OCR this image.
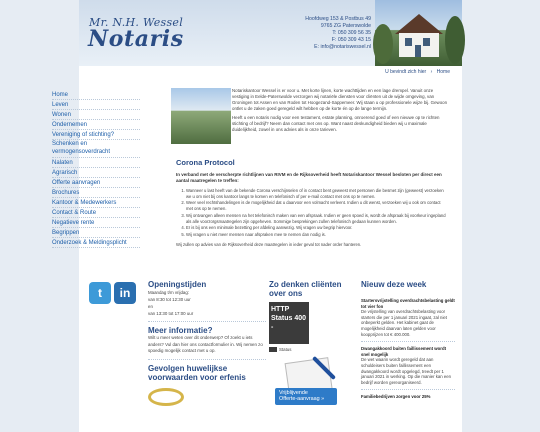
Mr. N.H. Wessel
Notaris
Hoofdweg 153 & Postbus 49
9765 ZG Paterswolde
T: 050 309 56 35
F: 050 309 43 15
E: info@notariswessel.nl
U bevindt zich hier › Home
Home
Leven
Wonen
Ondernemen
Vereniging of stichting?
Schenken en vermogensoverdracht
Nalaten
Agrarisch
Offerte aanvragen
Brochures
Kantoor & Medewerkers
Contact & Route
Negatieve rente
Begrippen
Onderzoek & Meldingsplicht
t	in

Notariskantoor Wessel is er voor u. Met korte lijnen, korte wachttijden en een lage drempel. Vanuit onze vestiging in Eelde-Paterswolde verzorgen wij notariële diensten voor cliënten uit de wijde omgeving, van Groningen tot Assen en van Roden tot Hoogezand-Sappemeer. Wij staan u op professionele wijze bij. Gewoon ontlet u de zaken goed geregeld wilt hebben op de korte én op de lange termijn.

Heeft u een notaris nodig voor een testament, estate planning, onroerend goed of een nieuwe op te richten stichting of bedrijf? Neem dan contact met ons op. Want naast deskundigheid bieden wij u maximale duidelijkheid, zowel in ons advies als in onze tarieven.

Corona Protocol

In verband met de verscherpte richtlijnen van RIVM en de Rijksoverheid heeft Notariskantoor Wessel besloten per direct een aantal maatregelen te treffen:

1. Wanneer u last heeft van de bekende Corona verschijnselen of in contact bent geweest met personen die besmet zijn (geweest) verzoeken we u om niet bij ons kantoor langs te komen en telefonisch of per e-mail contact met ons op te nemen.
2. Weer veel rechtshandelingen is de mogelijkheid dat u daarvoor een volmacht verleent. Indien u dit wenst, verzoeken wij u ook om contact met ons op te nemen.
3. Wij ontvangen alleen mensen na het telefonisch maken van een afspraak. Indien er geen spoed is, wordt de afspraak bij voorkeur ingepland als alle voorzorgsmaatregelen zijn opgeheven. Sommige besprekingen zullen telefonisch gedaan kunnen worden.
4. Er is bij ons een minimale bezetting per afdeling aanwezig. Wij vragen uw begrip hiervoor.
5. Wij vragen u niet meer mensen naar afspraken mee te nemen dan nodig is.

Wij zullen op advies van de Rijksoverheid deze maatregelen in ieder geval tot nader order hanteren.

Openingstijden
Maandag t/m vrijdag:
van 8:30 tot 12:30 uur
en
van 13:30 tot 17:00 uur
Meer informatie?
Wilt u meer weten over dit onderwerp? Of zoekt u iets anders? Vul dan hier ons contactformulier in. Wij nemen zo spoedig mogelijk contact met u op.
Gevolgen huwelijkse voorwaarden voor erfenis
Zo denken cliënten over ons
HTTP Status 400 -
Status
Vrijblijvende
Offerte-aanvraag »
Nieuw deze week
Startersvrijstelling overdrachtsbelasting geldt tot vier fon
De vrijstelling van overdrachtsbelasting voor starters die per 1 januari 2021 ingaat, zal niet onbeperkt gelden. Het kabinet gaat de mogelijkheid daarvan laten gelden voor koopprijzen tot € 400.000.
Dwangakkoord buiten faillissement wordt snel mogelijk
De wet waarin wordt geregeld dat aan schuldeisers buiten faillissement een dwangakkoord wordt opgelegd, treedt per 1 januari 2021 in werking. Op die manier kan een bedrijf worden gereorganiseerd.
Familiebedrijven zorgen voor 25%
